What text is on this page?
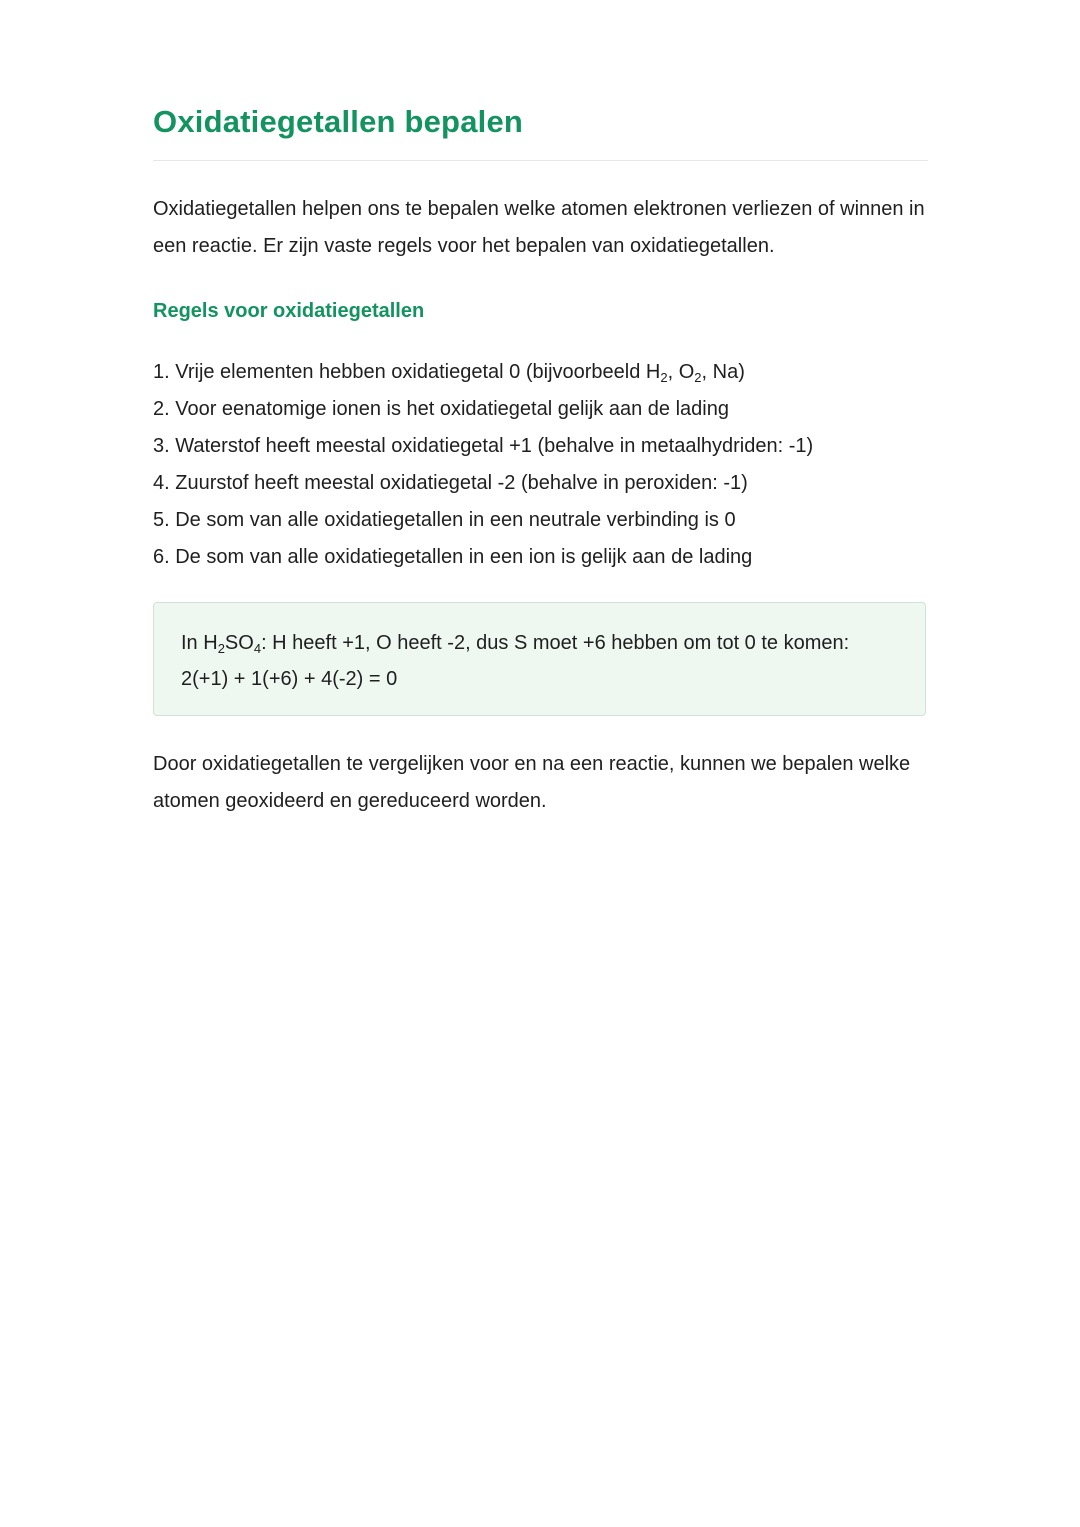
Oxidatiegetallen bepalen

Oxidatiegetallen helpen ons te bepalen welke atomen elektronen verliezen of winnen in een reactie. Er zijn vaste regels voor het bepalen van oxidatiegetallen.

Regels voor oxidatiegetallen
1. Vrije elementen hebben oxidatiegetal 0 (bijvoorbeeld $H_2$, $O_2$, Na)
2. Voor eenatomige ionen is het oxidatiegetal gelijk aan de lading
3. Waterstof heeft meestal oxidatiegetal +1 (behalve in metaalhydriden: -1)
4. Zuurstof heeft meestal oxidatiegetal -2 (behalve in peroxiden: -1)
5. De som van alle oxidatiegetallen in een neutrale verbinding is 0
6. De som van alle oxidatiegetallen in een ion is gelijk aan de lading

In $H_2SO_4$: H heeft +1, O heeft -2, dus S moet +6 hebben om tot 0 te komen: 2(+1) + 1(+6) + 4(-2) = 0

Door oxidatiegetallen te vergelijken voor en na een reactie, kunnen we bepalen welke atomen geoxideerd en gereduceerd worden.
